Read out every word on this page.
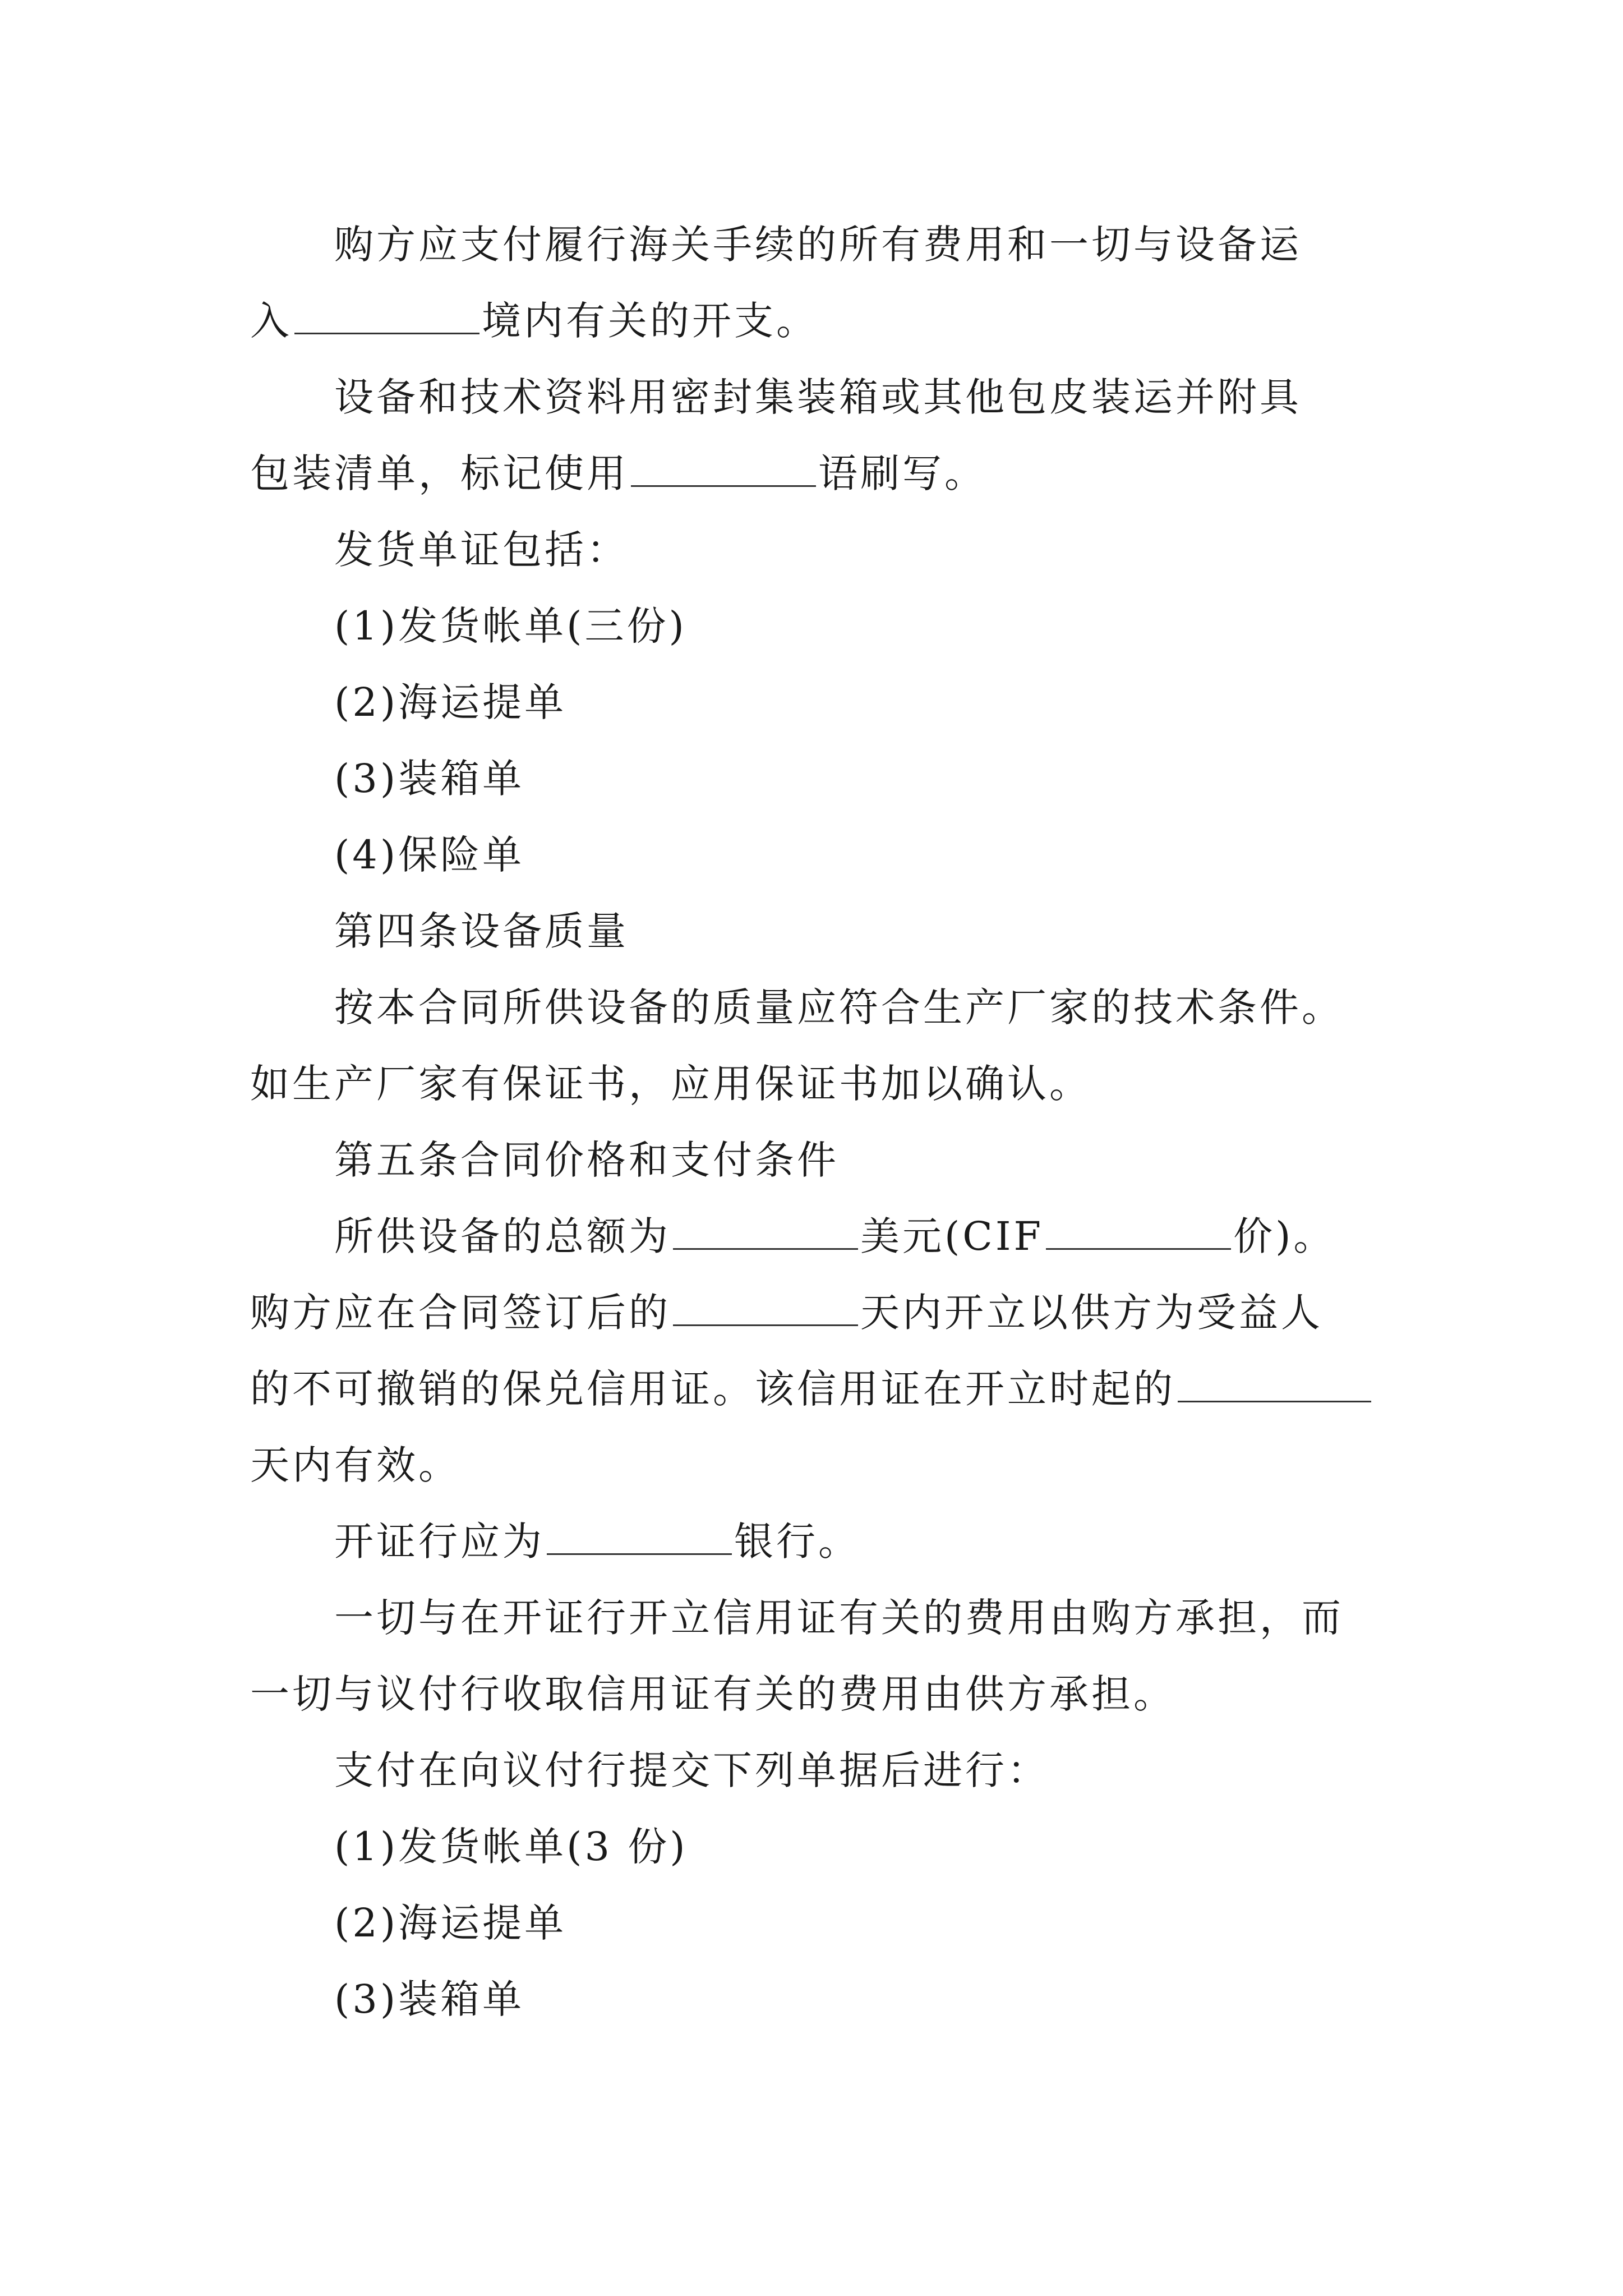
购方应支付履行海关手续的所有费用和一切与设备运

入	境内有关的开支。

设备和技术资料用密封集装箱或其他包皮装运并附具

包装清单，标记使用	语刷写。

发货单证包括：

(1)发货帐单(三份)

(2)海运提单

(3)装箱单

(4)保险单

第四条设备质量

按本合同所供设备的质量应符合生产厂家的技术条件。

如生产厂家有保证书，应用保证书加以确认。

第五条合同价格和支付条件

所供设备的总额为	美元(CIF	价)。

购方应在合同签订后的	天内开立以供方为受益人

的不可撤销的保兑信用证。该信用证在开立时起的

天内有效。

开证行应为	银行。

一切与在开证行开立信用证有关的费用由购方承担，而

一切与议付行收取信用证有关的费用由供方承担。

支付在向议付行提交下列单据后进行：

(1)发货帐单(3 份)

(2)海运提单

(3)装箱单
